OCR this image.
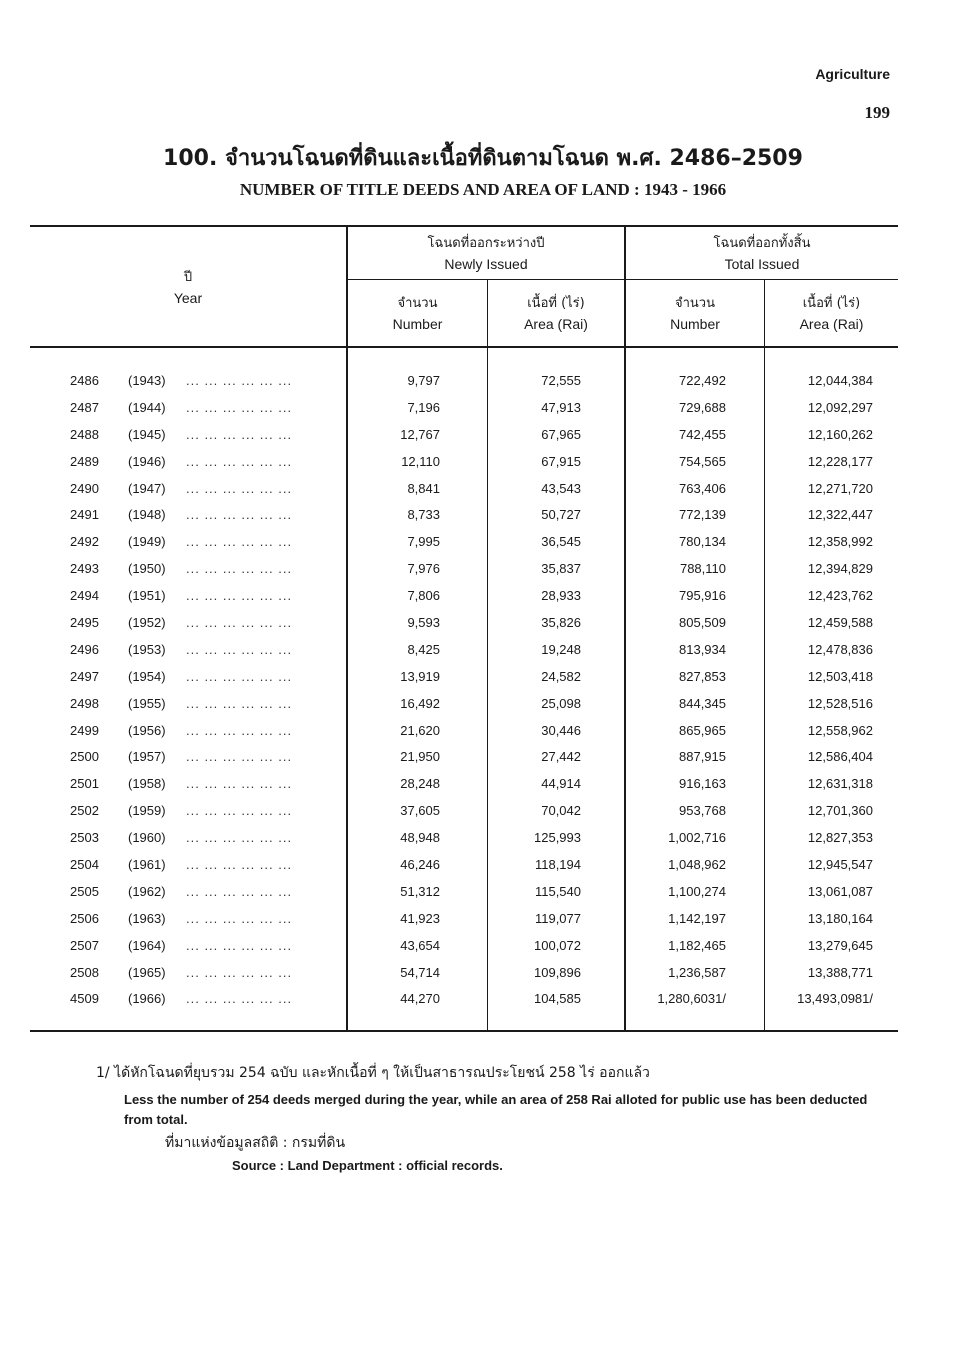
Agriculture
199
100. จำนวนโฉนดที่ดินและเนื้อที่ดินตามโฉนด พ.ศ. 2486–2509
NUMBER OF TITLE DEEDS AND AREA OF LAND : 1943 - 1966
ปี
Year
โฉนดที่ออกระหว่างปี
Newly Issued
โฉนดที่ออกทั้งสิ้น
Total Issued
จำนวน
Number
เนื้อที่ (ไร่)
Area (Rai)
จำนวน
Number
เนื้อที่ (ไร่)
Area (Rai)
2486	(1943) ... ... ... ... ... ...	9,797	72,555	722,492	12,044,384
2487	(1944) ... ... ... ... ... ...	7,196	47,913	729,688	12,092,297
2488	(1945) ... ... ... ... ... ...	12,767	67,965	742,455	12,160,262
2489	(1946) ... ... ... ... ... ...	12,110	67,915	754,565	12,228,177
2490	(1947) ... ... ... ... ... ...	8,841	43,543	763,406	12,271,720
2491	(1948) ... ... ... ... ... ...	8,733	50,727	772,139	12,322,447
2492	(1949) ... ... ... ... ... ...	7,995	36,545	780,134	12,358,992
2493	(1950) ... ... ... ... ... ...	7,976	35,837	788,110	12,394,829
2494	(1951) ... ... ... ... ... ...	7,806	28,933	795,916	12,423,762
2495	(1952) ... ... ... ... ... ...	9,593	35,826	805,509	12,459,588
2496	(1953) ... ... ... ... ... ...	8,425	19,248	813,934	12,478,836
2497	(1954) ... ... ... ... ... ...	13,919	24,582	827,853	12,503,418
2498	(1955) ... ... ... ... ... ...	16,492	25,098	844,345	12,528,516
2499	(1956) ... ... ... ... ... ...	21,620	30,446	865,965	12,558,962
2500	(1957) ... ... ... ... ... ...	21,950	27,442	887,915	12,586,404
2501	(1958) ... ... ... ... ... ...	28,248	44,914	916,163	12,631,318
2502	(1959) ... ... ... ... ... ...	37,605	70,042	953,768	12,701,360
2503	(1960) ... ... ... ... ... ...	48,948	125,993	1,002,716	12,827,353
2504	(1961) ... ... ... ... ... ...	46,246	118,194	1,048,962	12,945,547
2505	(1962) ... ... ... ... ... ...	51,312	115,540	1,100,274	13,061,087
2506	(1963) ... ... ... ... ... ...	41,923	119,077	1,142,197	13,180,164
2507	(1964) ... ... ... ... ... ...	43,654	100,072	1,182,465	13,279,645
2508	(1965) ... ... ... ... ... ...	54,714	109,896	1,236,587	13,388,771
4509	(1966) ... ... ... ... ... ...	44,270	104,585	1,280,6031/	13,493,0981/
1/ ได้หักโฉนดที่ยุบรวม 254 ฉบับ และหักเนื้อที่ ๆ ให้เป็นสาธารณประโยชน์ 258 ไร่ ออกแล้ว
Less the number of 254 deeds merged during the year, while an area of 258 Rai alloted for public use has been deducted from total.
ที่มาแห่งข้อมูลสถิติ : กรมที่ดิน
Source : Land Department : official records.
